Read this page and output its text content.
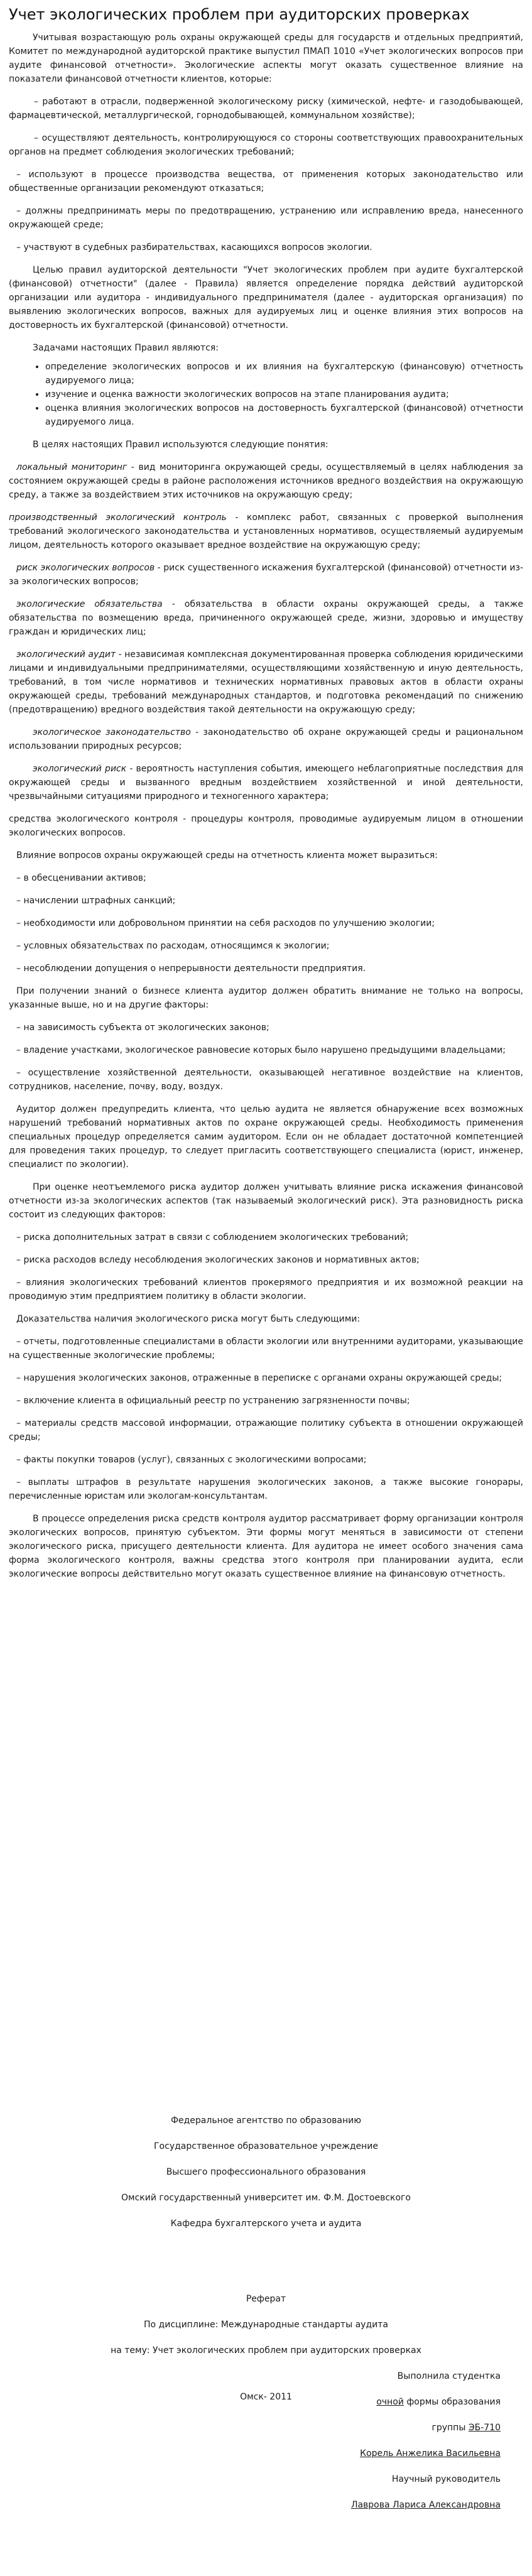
Учет экологических проблем при аудиторских проверках

Учитывая возрастающую роль охраны окружающей среды для государств и отдельных предприятий, Комитет по международной аудиторской практике выпустил ПМАП 1010 «Учет экологических вопросов при аудите финансовой отчетности». Экологические аспекты могут оказать существенное влияние на показатели финансовой отчетности клиентов, которые:

– работают в отрасли, подверженной экологическому риску (химической, нефте- и газодобывающей, фармацевтической, металлургической, горнодобывающей, коммунальном хозяйстве);

– осуществляют деятельность, контролирующуюся со стороны соответствующих правоохранительных органов на предмет соблюдения экологических требований;

– используют в процессе производства вещества, от применения которых законодательство или общественные организации рекомендуют отказаться;

– должны предпринимать меры по предотвращению, устранению или исправлению вреда, нанесенного окружающей среде;

– участвуют в судебных разбирательствах, касающихся вопросов экологии.

Целью правил аудиторской деятельности "Учет экологических проблем при аудите бухгалтерской (финансовой) отчетности" (далее - Правила) является определение порядка действий аудиторской организации или аудитора - индивидуального предпринимателя (далее - аудиторская организация) по выявлению экологических вопросов, важных для аудируемых лиц и оценке влияния этих вопросов на достоверность их бухгалтерской (финансовой) отчетности.

Задачами настоящих Правил являются:

• определение экологических вопросов и их влияния на бухгалтерскую (финансовую) отчетность аудируемого лица;
• изучение и оценка важности экологических вопросов на этапе планирования аудита;
• оценка влияния экологических вопросов на достоверность бухгалтерской (финансовой) отчетности аудируемого лица.

В целях настоящих Правил используются следующие понятия:

локальный мониторинг - вид мониторинга окружающей среды, осуществляемый в целях наблюдения за состоянием окружающей среды в районе расположения источников вредного воздействия на окружающую среду, а также за воздействием этих источников на окружающую среду;

производственный экологический контроль - комплекс работ, связанных с проверкой выполнения требований экологического законодательства и установленных нормативов, осуществляемый аудируемым лицом, деятельность которого оказывает вредное воздействие на окружающую среду;

риск экологических вопросов - риск существенного искажения бухгалтерской (финансовой) отчетности из-за экологических вопросов;

экологические обязательства - обязательства в области охраны окружающей среды, а также обязательства по возмещению вреда, причиненного окружающей среде, жизни, здоровью и имуществу граждан и юридических лиц;

экологический аудит - независимая комплексная документированная проверка соблюдения юридическими лицами и индивидуальными предпринимателями, осуществляющими хозяйственную и иную деятельность, требований, в том числе нормативов и технических нормативных правовых актов в области охраны окружающей среды, требований международных стандартов, и подготовка рекомендаций по снижению (предотвращению) вредного воздействия такой деятельности на окружающую среду;

экологическое законодательство - законодательство об охране окружающей среды и рациональном использовании природных ресурсов;

экологический риск - вероятность наступления события, имеющего неблагоприятные последствия для окружающей среды и вызванного вредным воздействием хозяйственной и иной деятельности, чрезвычайными ситуациями природного и техногенного характера;

средства экологического контроля - процедуры контроля, проводимые аудируемым лицом в отношении экологических вопросов.

Влияние вопросов охраны окружающей среды на отчетность клиента может выразиться:

– в обесценивании активов;

– начислении штрафных санкций;

– необходимости или добровольном принятии на себя расходов по улучшению экологии;

– условных обязательствах по расходам, относящимся к экологии;

– несоблюдении допущения о непрерывности деятельности предприятия.

При получении знаний о бизнесе клиента аудитор должен обратить внимание не только на вопросы, указанные выше, но и на другие факторы:

– на зависимость субъекта от экологических законов;

– владение участками, экологическое равновесие которых было нарушено предыдущими владельцами;

– осуществление хозяйственной деятельности, оказывающей негативное воздействие на клиентов, сотрудников, население, почву, воду, воздух.

Аудитор должен предупредить клиента, что целью аудита не является обнаружение всех возможных нарушений требований нормативных актов по охране окружающей среды. Необходимость применения специальных процедур определяется самим аудитором. Если он не обладает достаточной компетенцией для проведения таких процедур, то следует пригласить соответствующего специалиста (юрист, инженер, специалист по экологии).

При оценке неотъемлемого риска аудитор должен учитывать влияние риска искажения финансовой отчетности из-за экологических аспектов (так называемый экологический риск). Эта разновидность риска состоит из следующих факторов:

– риска дополнительных затрат в связи с соблюдением экологических требований;

– риска расходов вследу несоблюдения экологических законов и нормативных актов;

– влияния экологических требований клиентов прокерямого предприятия и их возможной реакции на проводимую этим предприятием политику в области экологии.

Доказательства наличия экологического риска могут быть следующими:

– отчеты, подготовленные специалистами в области экологии или внутренними аудиторами, указывающие на существенные экологические проблемы;

– нарушения экологических законов, отраженные в переписке с органами охраны окружающей среды;

– включение клиента в официальный реестр по устранению загрязненности почвы;

– материалы средств массовой информации, отражающие политику субъекта в отношении окружающей среды;

– факты покупки товаров (услуг), связанных с экологическими вопросами;

– выплаты штрафов в результате нарушения экологических законов, а также высокие гонорары, перечисленные юристам или экологам-консультантам.

В процессе определения риска средств контроля аудитор рассматривает форму организации контроля экологических вопросов, принятую субъектом. Эти формы могут меняться в зависимости от степени экологического риска, присущего деятельности клиента. Для аудитора не имеет особого значения сама форма экологического контроля, важны средства этого контроля при планировании аудита, если экологические вопросы действительно могут оказать существенное влияние на финансовую отчетность.

Федеральное агентство по образованию

Государственное образовательное учреждение

Высшего профессионального образования

Омский государственный университет им. Ф.М. Достоевского

Кафедра бухгалтерского учета и аудита

Реферат

По дисциплине: Международные стандарты аудита

на тему: Учет экологических проблем при аудиторских проверках

Выполнила студентка

очной формы образования

группы ЭБ-710

Корель Анжелика Васильевна

Научный руководитель

Лаврова Лариса Александровна

Омск- 2011
